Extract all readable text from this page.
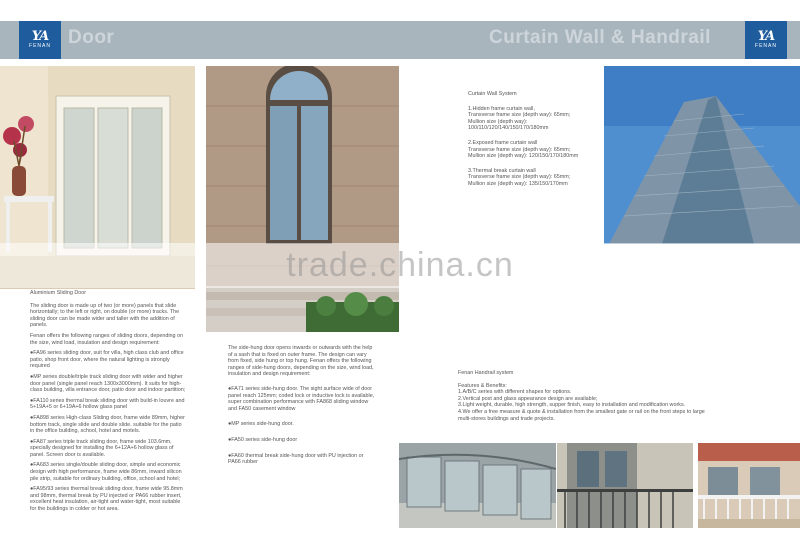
YA
FENAN Door	Curtain Wall & Handrail	YA
FENAN
trade.china.cn

Aluminium Sliding Door

The sliding door is made up of two (or more) panels that slide horizontally; to the left or right, on double (or more) tracks. The sliding door can be made wider and taller with the addition of panels.

Fenan offers the following ranges of sliding doors, depending on the size, wind load, insulation and design requirement:

●FA96 series sliding door, suit for villa, high class club and office patio, shop front door, where the natural lighting is strongly required

●MP series double/triple track sliding door with wider and higher door panel (single panel reach 1300x3000mm). It suits for high-class building, villa entrance door, patio door and indoor partition;

●FA110 series thermal break sliding door with build-in louvre and 5+19A+5 or 6+19A+6 hollow glass panel

●FA898 series High-class Sliding door, frame wide 89mm, higher bottom track, single slide and double slide. suitable for the patio in the office building, school, hotel and motels.

●FA87 series triple track sliding door, frame wide 103.6mm, specially designed for installing the 6+12A+6 hollow glass of panel. Screen door is available.

●FA683 series single/double sliding door, simple and economic design with high performance, frame wide 86mm, inward silicon pile strip, suitable for ordinary building, office, school and hotel;

●FA95/93 series thermal break sliding door, frame wide 95.8mm and 98mm, thermal break by PU injected or PA66 rubber insert, excellent heat insulation, air-tight and water-tight, most suitable for the buildings in colder or hot area.

The side-hung door opens inwards or outwards with the help of a sash that is fixed on outer frame. The design can vary from fixed, side hung or top hung. Fenan offers the following ranges of side-hung doors, depending on the size, wind load, insulation and design requirement:

●FA71 series side-hung door. The sight surface wide of door panel reach 125mm; coded lock or inductive lock is available, super combination performance with FA868 sliding window and FA50 casement window

●MP series side-hung door.

●FA50 series side-hung door

●FA60 thermal break side-hung door with PU injection or PA66 rubber

Curtain Wall System

1.Hidden frame curtain wall,
Transverse frame size (depth way): 65mm;
Mullion size (depth way):
100/110/120/140/150/170/180mm
2.Exposed frame curtain wall
Transverse frame size (depth way): 65mm;
Mullion size (depth way): 120/150/170/180mm
3.Thermal break curtain wall
Transverse frame size (depth way): 65mm;
Mullion size (depth way): 135/150/170mm

Fenan Handrail system

Features & Benefits:
1.A/B/C series with different shapes for options.
2.Vertical post and glass appearance design are available;
3.Light weight, durable, high strength, supper finish, easy to installation and modification works.
4.We offer a free measure & quote & installation from the smallest gate or rail on the front steps to large multi-stores buildings and trade projects.
